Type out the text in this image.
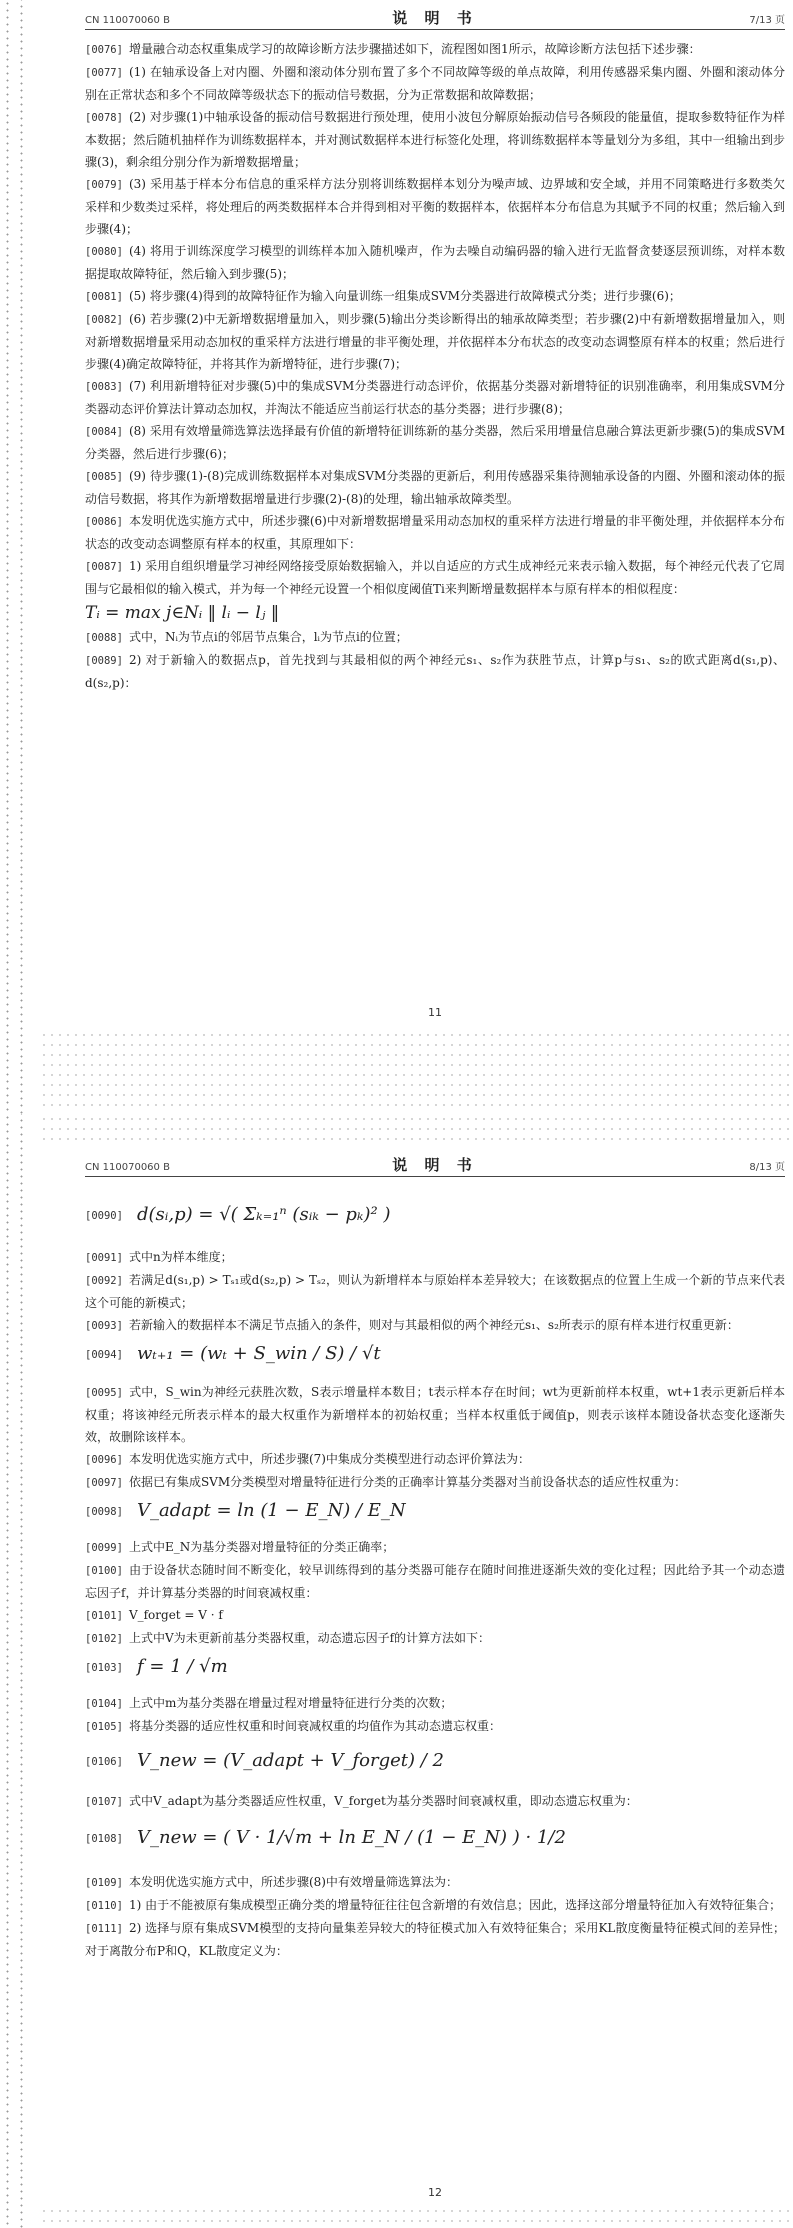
CN 110070060 B	说 明 书	7/13 页
[0076] 增量融合动态权重集成学习的故障诊断方法步骤描述如下，流程图如图1所示，故障诊断方法包括下述步骤：
[0077] (1) 在轴承设备上对内圈、外圈和滚动体分别布置了多个不同故障等级的单点故障，利用传感器采集内圈、外圈和滚动体分别在正常状态和多个不同故障等级状态下的振动信号数据，分为正常数据和故障数据；
[0078] (2) 对步骤(1)中轴承设备的振动信号数据进行预处理，使用小波包分解原始振动信号各频段的能量值，提取参数特征作为样本数据；然后随机抽样作为训练数据样本，并对测试数据样本进行标签化处理，将训练数据样本等量划分为多组，其中一组输出到步骤(3)，剩余组分别分作为新增数据增量；
[0079] (3) 采用基于样本分布信息的重采样方法分别将训练数据样本划分为噪声域、边界域和安全域，并用不同策略进行多数类欠采样和少数类过采样，将处理后的两类数据样本合并得到相对平衡的数据样本，依据样本分布信息为其赋予不同的权重；然后输入到步骤(4)；
[0080] (4) 将用于训练深度学习模型的训练样本加入随机噪声，作为去噪自动编码器的输入进行无监督贪婪逐层预训练，对样本数据提取故障特征，然后输入到步骤(5)；
[0081] (5) 将步骤(4)得到的故障特征作为输入向量训练一组集成SVM分类器进行故障模式分类；进行步骤(6)；
[0082] (6) 若步骤(2)中无新增数据增量加入，则步骤(5)输出分类诊断得出的轴承故障类型；若步骤(2)中有新增数据增量加入，则对新增数据增量采用动态加权的重采样方法进行增量的非平衡处理，并依据样本分布状态的改变动态调整原有样本的权重；然后进行步骤(4)确定故障特征，并将其作为新增特征，进行步骤(7)；
[0083] (7) 利用新增特征对步骤(5)中的集成SVM分类器进行动态评价，依据基分类器对新增特征的识别准确率，利用集成SVM分类器动态评价算法计算动态加权，并淘汰不能适应当前运行状态的基分类器；进行步骤(8)；
[0084] (8) 采用有效增量筛选算法选择最有价值的新增特征训练新的基分类器，然后采用增量信息融合算法更新步骤(5)的集成SVM分类器，然后进行步骤(6)；
[0085] (9) 待步骤(1)-(8)完成训练数据样本对集成SVM分类器的更新后，利用传感器采集待测轴承设备的内圈、外圈和滚动体的振动信号数据，将其作为新增数据增量进行步骤(2)-(8)的处理，输出轴承故障类型。
[0086] 本发明优选实施方式中，所述步骤(6)中对新增数据增量采用动态加权的重采样方法进行增量的非平衡处理，并依据样本分布状态的改变动态调整原有样本的权重，其原理如下：
[0087] 1) 采用自组织增量学习神经网络接受原始数据输入，并以自适应的方式生成神经元来表示输入数据，每个神经元代表了它周围与它最相似的输入模式，并为每一个神经元设置一个相似度阈值Ti来判断增量数据样本与原有样本的相似程度：
Tᵢ = max j∈Nᵢ ‖ lᵢ − lⱼ ‖
[0088] 式中，Nᵢ为节点i的邻居节点集合，lᵢ为节点i的位置；
[0089] 2) 对于新输入的数据点p，首先找到与其最相似的两个神经元s₁、s₂作为获胜节点，计算p与s₁、s₂的欧式距离d(s₁,p)、d(s₂,p)：
11
CN 110070060 B	说 明 书	8/13 页
[0090] d(sᵢ,p) = √( Σₖ₌₁ⁿ (sᵢₖ − pₖ)² )
[0091] 式中n为样本维度；
[0092] 若满足d(s₁,p) > Tₛ₁或d(s₂,p) > Tₛ₂，则认为新增样本与原始样本差异较大；在该数据点的位置上生成一个新的节点来代表这个可能的新模式；
[0093] 若新输入的数据样本不满足节点插入的条件，则对与其最相似的两个神经元s₁、s₂所表示的原有样本进行权重更新：
[0094] wₜ₊₁ = (wₜ + S_win / S) / √t
[0095] 式中，S_win为神经元获胜次数，S表示增量样本数目；t表示样本存在时间；wt为更新前样本权重，wt+1表示更新后样本权重；将该神经元所表示样本的最大权重作为新增样本的初始权重；当样本权重低于阈值p，则表示该样本随设备状态变化逐渐失效，故删除该样本。
[0096] 本发明优选实施方式中，所述步骤(7)中集成分类模型进行动态评价算法为：
[0097] 依据已有集成SVM分类模型对增量特征进行分类的正确率计算基分类器对当前设备状态的适应性权重为：
[0098] V_adapt = ln (1 − E_N) / E_N
[0099] 上式中E_N为基分类器对增量特征的分类正确率；
[0100] 由于设备状态随时间不断变化，较早训练得到的基分类器可能存在随时间推进逐渐失效的变化过程；因此给予其一个动态遗忘因子f，并计算基分类器的时间衰减权重：
[0101] V_forget = V · f
[0102] 上式中V为未更新前基分类器权重，动态遗忘因子f的计算方法如下：
[0103] f = 1 / √m
[0104] 上式中m为基分类器在增量过程对增量特征进行分类的次数；
[0105] 将基分类器的适应性权重和时间衰减权重的均值作为其动态遗忘权重：
[0106] V_new = (V_adapt + V_forget) / 2
[0107] 式中V_adapt为基分类器适应性权重，V_forget为基分类器时间衰减权重，即动态遗忘权重为：
[0108] V_new = ( V · 1/√m + ln E_N / (1 − E_N) ) · 1/2
[0109] 本发明优选实施方式中，所述步骤(8)中有效增量筛选算法为：
[0110] 1) 由于不能被原有集成模型正确分类的增量特征往往包含新增的有效信息；因此，选择这部分增量特征加入有效特征集合；
[0111] 2) 选择与原有集成SVM模型的支持向量集差异较大的特征模式加入有效特征集合；采用KL散度衡量特征模式间的差异性；对于离散分布P和Q，KL散度定义为：
12
